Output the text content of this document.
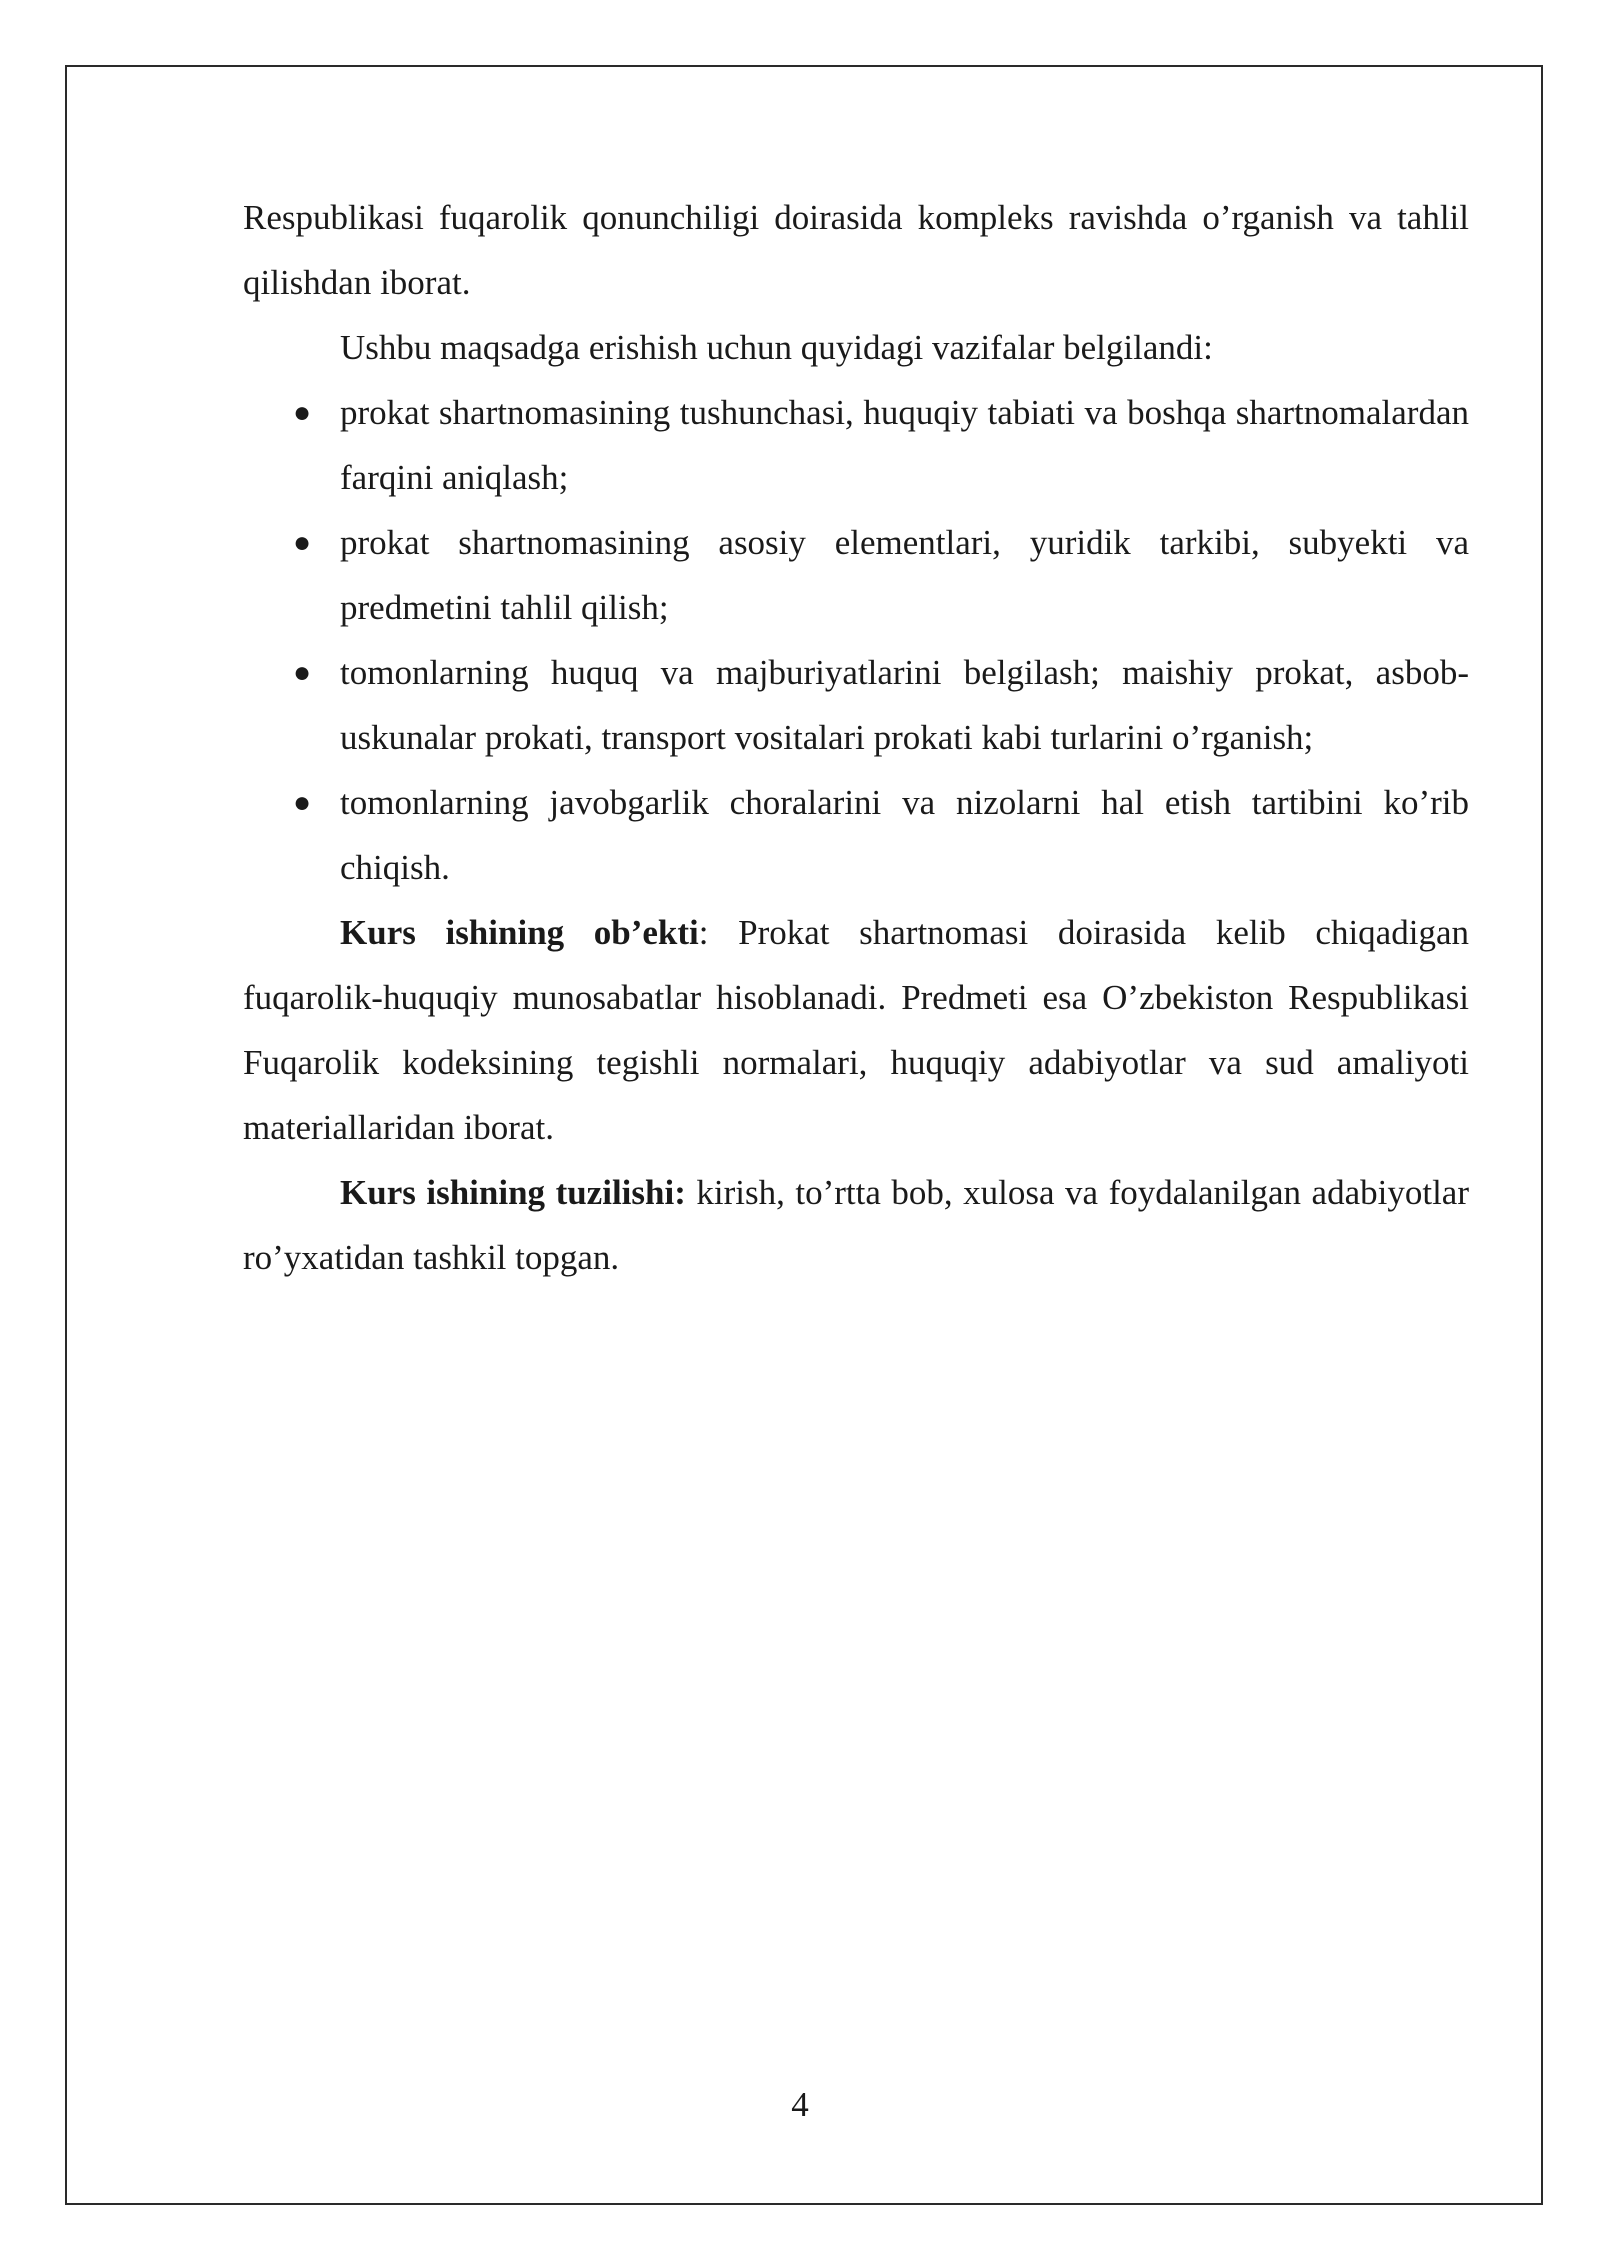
Respublikasi fuqarolik qonunchiligi doirasida kompleks ravishda o’rganish va tahlil qilishdan iborat.

Ushbu maqsadga erishish uchun quyidagi vazifalar belgilandi:

● prokat shartnomasining tushunchasi, huquqiy tabiati va boshqa shartnomalardan farqini aniqlash;
● prokat shartnomasining asosiy elementlari, yuridik tarkibi, subyekti va predmetini tahlil qilish;
● tomonlarning huquq va majburiyatlarini belgilash; maishiy prokat, asbob-uskunalar prokati, transport vositalari prokati kabi turlarini o’rganish;
● tomonlarning javobgarlik choralarini va nizolarni hal etish tartibini ko’rib chiqish.

Kurs ishining ob’ekti: Prokat shartnomasi doirasida kelib chiqadigan fuqarolik-huquqiy munosabatlar hisoblanadi. Predmeti esa O’zbekiston Respublikasi Fuqarolik kodeksining tegishli normalari, huquqiy adabiyotlar va sud amaliyoti materiallaridan iborat.

Kurs ishining tuzilishi: kirish, to’rtta bob, xulosa va foydalanilgan adabiyotlar ro’yxatidan tashkil topgan.

4
